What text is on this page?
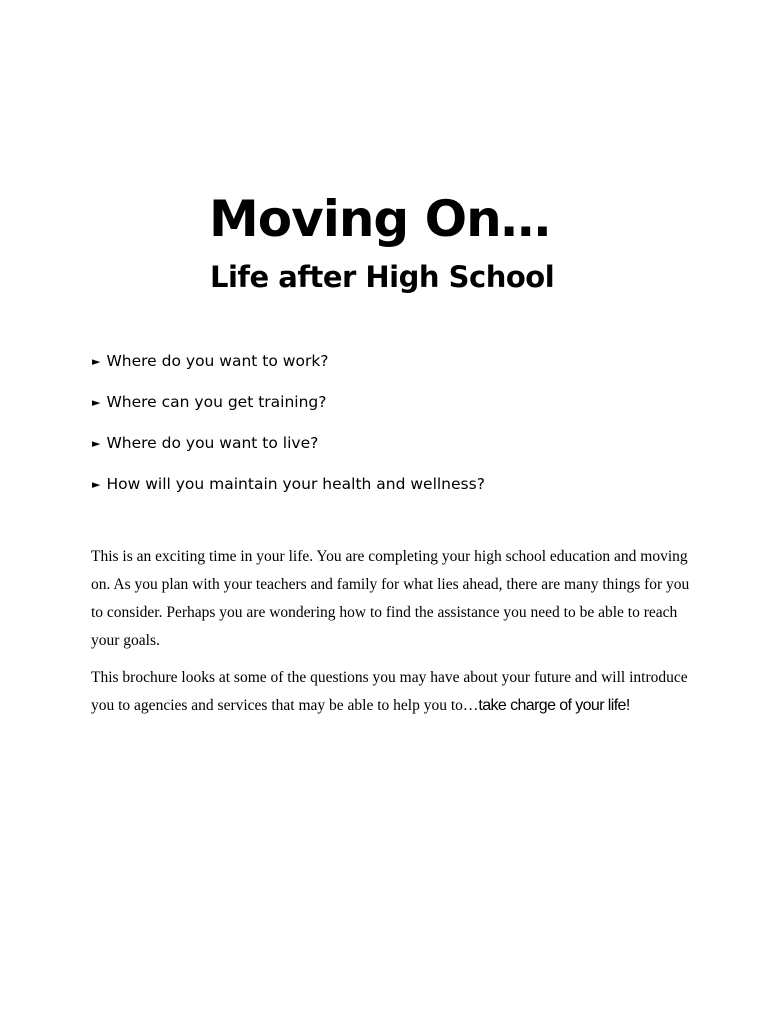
Moving On…
Life after High School
► Where do you want to work?
► Where can you get training?
► Where do you want to live?
► How will you maintain your health and wellness?

This is an exciting time in your life. You are completing your high school education and moving on. As you plan with your teachers and family for what lies ahead, there are many things for you to consider. Perhaps you are wondering how to find the assistance you need to be able to reach your goals.

This brochure looks at some of the questions you may have about your future and will introduce you to agencies and services that may be able to help you to…take charge of your life!
